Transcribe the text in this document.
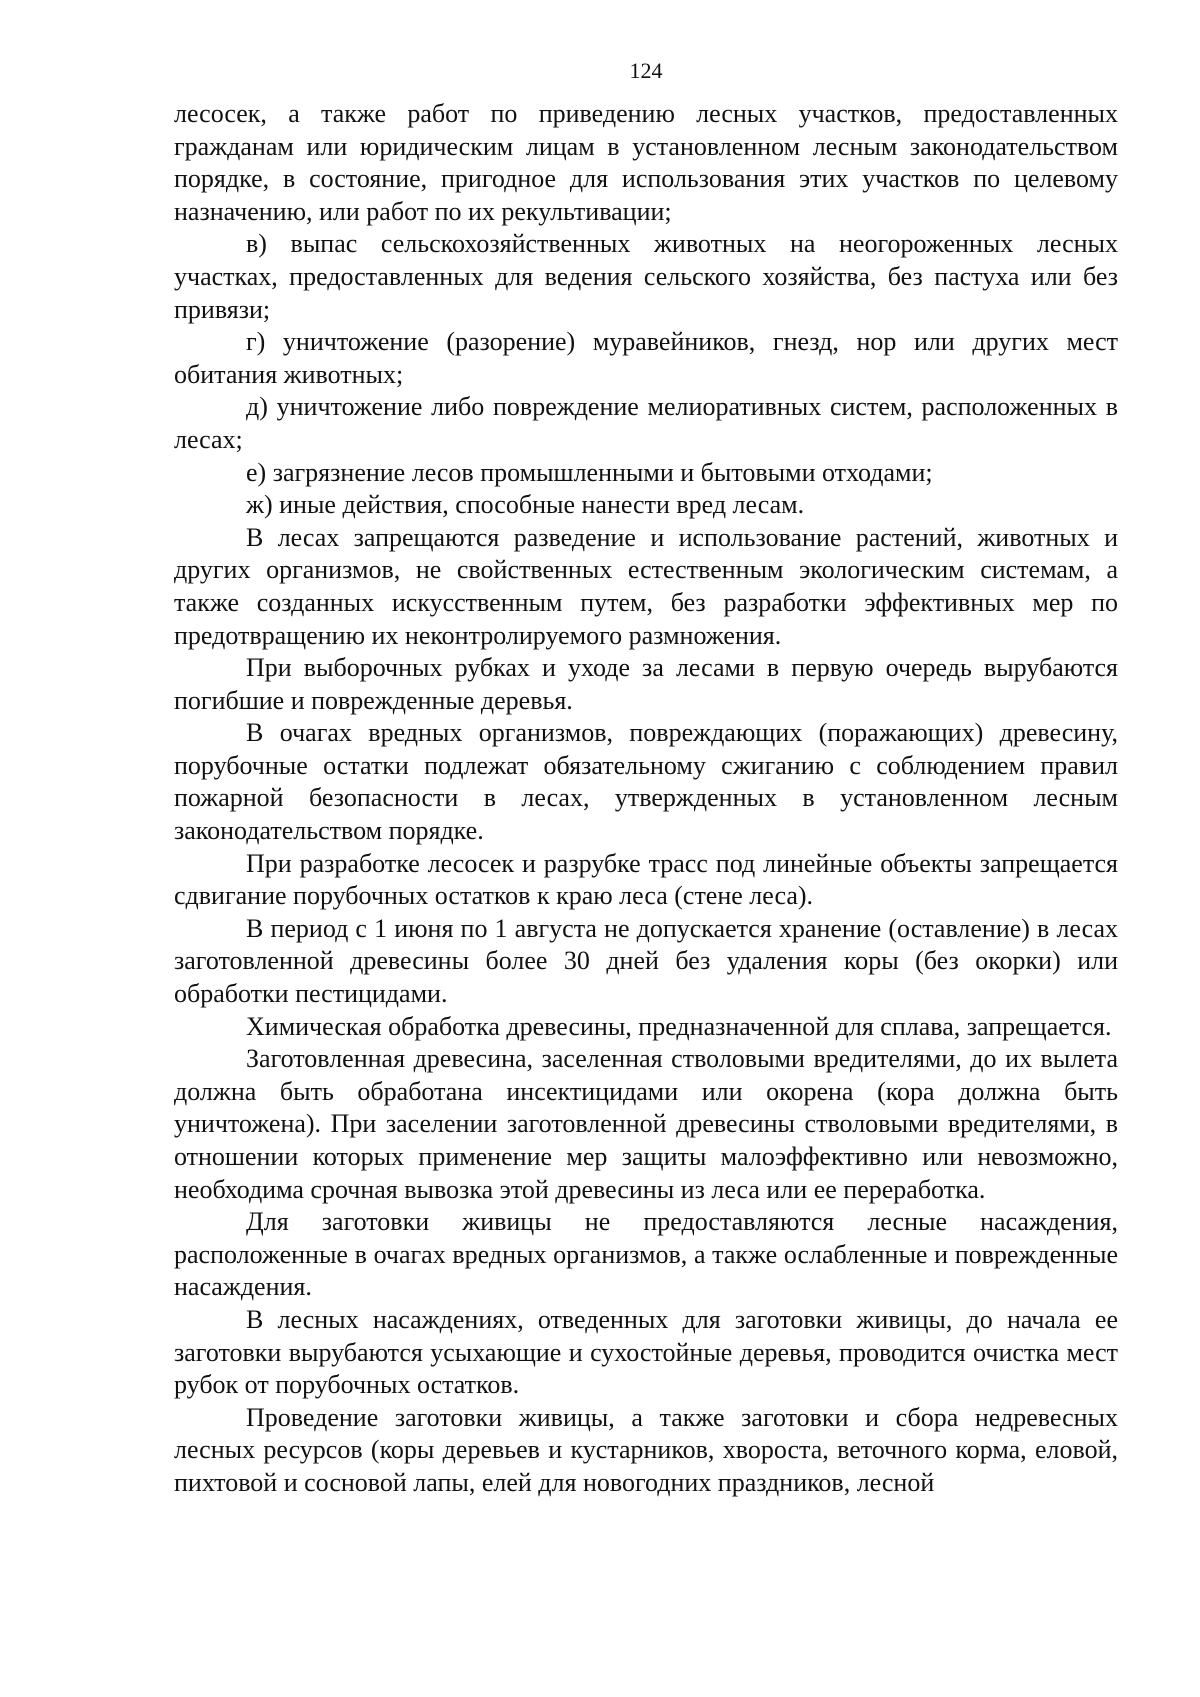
124

лесосек, а также работ по приведению лесных участков, предоставленных гражданам или юридическим лицам в установленном лесным законодательством порядке, в состояние, пригодное для использования этих участков по целевому назначению, или работ по их рекультивации;

в) выпас сельскохозяйственных животных на неогороженных лесных участках, предоставленных для ведения сельского хозяйства, без пастуха или без привязи;

г) уничтожение (разорение) муравейников, гнезд, нор или других мест обитания животных;

д) уничтожение либо повреждение мелиоративных систем, расположенных в лесах;

е) загрязнение лесов промышленными и бытовыми отходами;

ж) иные действия, способные нанести вред лесам.

В лесах запрещаются разведение и использование растений, животных и других организмов, не свойственных естественным экологическим системам, а также созданных искусственным путем, без разработки эффективных мер по предотвращению их неконтролируемого размножения.

При выборочных рубках и уходе за лесами в первую очередь вырубаются погибшие и поврежденные деревья.

В очагах вредных организмов, повреждающих (поражающих) древесину, порубочные остатки подлежат обязательному сжиганию с соблюдением правил пожарной безопасности в лесах, утвержденных в установленном лесным законодательством порядке.

При разработке лесосек и разрубке трасс под линейные объекты запрещается сдвигание порубочных остатков к краю леса (стене леса).

В период с 1 июня по 1 августа не допускается хранение (оставление) в лесах заготовленной древесины более 30 дней без удаления коры (без окорки) или обработки пестицидами.

Химическая обработка древесины, предназначенной для сплава, запрещается.

Заготовленная древесина, заселенная стволовыми вредителями, до их вылета должна быть обработана инсектицидами или окорена (кора должна быть уничтожена). При заселении заготовленной древесины стволовыми вредителями, в отношении которых применение мер защиты малоэффективно или невозможно, необходима срочная вывозка этой древесины из леса или ее переработка.

Для заготовки живицы не предоставляются лесные насаждения, расположенные в очагах вредных организмов, а также ослабленные и поврежденные насаждения.

В лесных насаждениях, отведенных для заготовки живицы, до начала ее заготовки вырубаются усыхающие и сухостойные деревья, проводится очистка мест рубок от порубочных остатков.

Проведение заготовки живицы, а также заготовки и сбора недревесных лесных ресурсов (коры деревьев и кустарников, хвороста, веточного корма, еловой, пихтовой и сосновой лапы, елей для новогодних праздников, лесной
